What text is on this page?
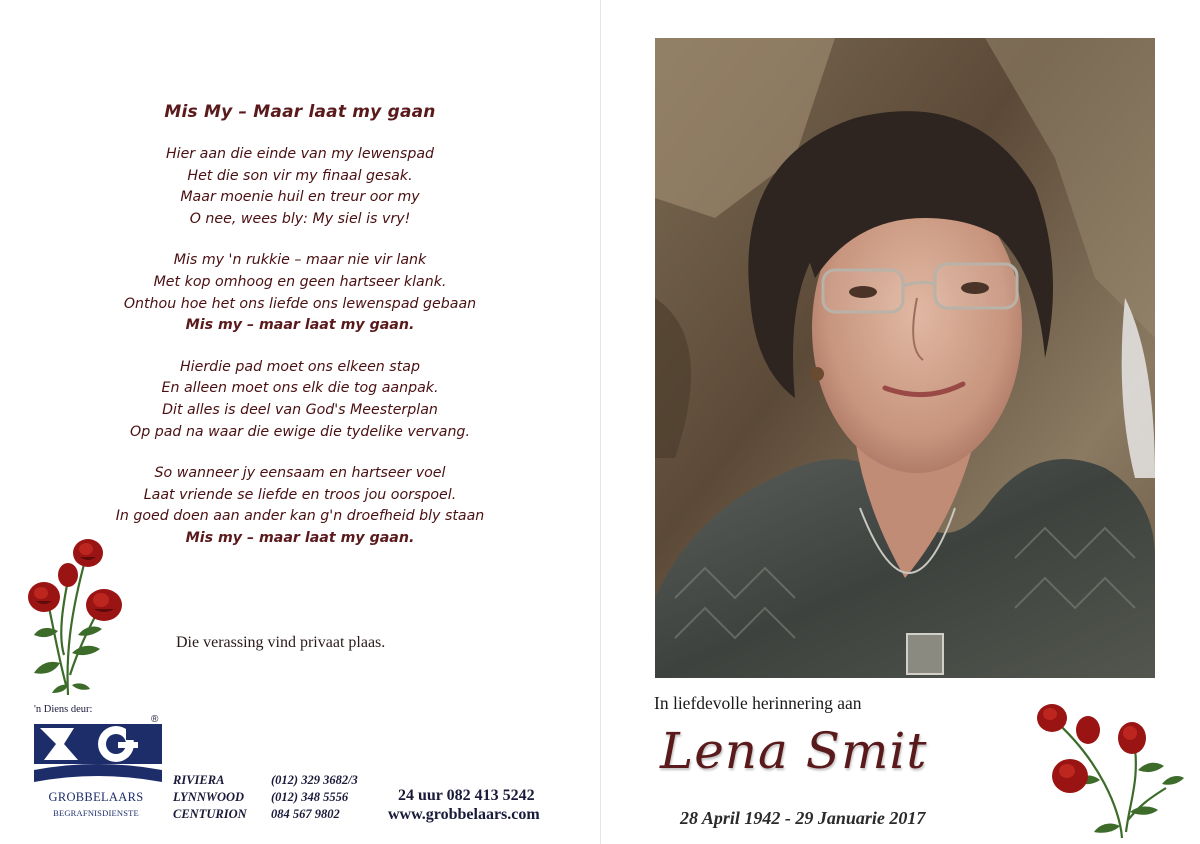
Mis My – Maar laat my gaan
Hier aan die einde van my lewenspad
Het die son vir my finaal gesak.
Maar moenie huil en treur oor my
O nee, wees bly: My siel is vry!
Mis my 'n rukkie – maar nie vir lank
Met kop omhoog en geen hartseer klank.
Onthou hoe het ons liefde ons lewenspad gebaan
Mis my – maar laat my gaan.
Hierdie pad moet ons elkeen stap
En alleen moet ons elk die tog aanpak.
Dit alles is deel van God's Meesterplan
Op pad na waar die ewige die tydelike vervang.
So wanneer jy eensaam en hartseer voel
Laat vriende se liefde en troos jou oorspoel.
In goed doen aan ander kan g'n droefheid bly staan
Mis my – maar laat my gaan.
Die verassing vind privaat plaas.
'n Diens deur:
®
GROBBELAARS
BEGRAFNISDIENSTE
RIVIERA	(012) 329 3682/3
LYNNWOOD	(012) 348 5556
CENTURION	084 567 9802
24 uur 082 413 5242
www.grobbelaars.com
In liefdevolle herinnering aan
Lena Smit
28 April 1942 - 29 Januarie 2017
